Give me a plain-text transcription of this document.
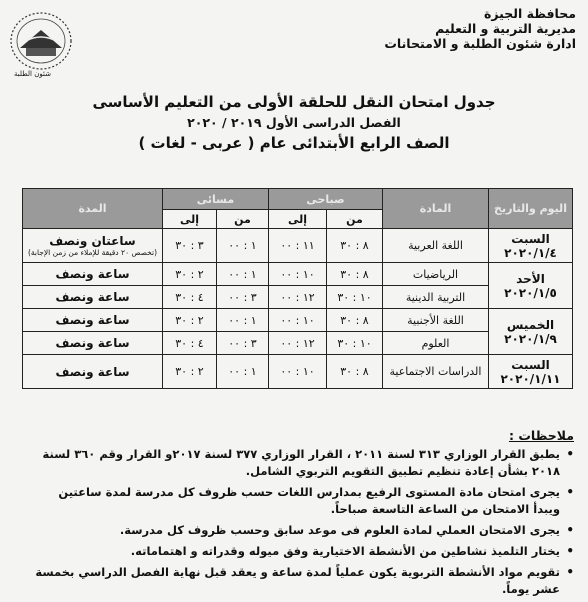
محافظة الجيزة
مديرية التربية و التعليم
ادارة شئون الطلبة و الامتحانات
شئون الطلبة
جدول امتحان النقل للحلقة الأولى من التعليم الأساسى
الفصل الدراسى الأول ٢٠١٩ / ٢٠٢٠
الصف الرابع الأبتدائى عام ( عربى - لغات )
اليوم والتاريخ	المادة	صباحى		مسائى		المدة
		من	إلى	من	إلى	

السبت
٢٠٢٠/١/٤	اللغة العربية	٨ : ٣٠	١١ : ٠٠	١ : ٠٠	٣ : ٣٠	ساعتان ونصف
(تخصص ٢٠ دقيقة للإملاء من زمن الإجابة)

الأحد
٢٠٢٠/١/٥	الرياضيات	٨ : ٣٠	١٠ : ٠٠	١ : ٠٠	٢ : ٣٠	ساعة ونصف
	التربية الدينية	١٠ : ٣٠	١٢ : ٠٠	٣ : ٠٠	٤ : ٣٠	ساعة ونصف

الخميس
٢٠٢٠/١/٩	اللغة الأجنبية	٨ : ٣٠	١٠ : ٠٠	١ : ٠٠	٢ : ٣٠	ساعة ونصف
	العلوم	١٠ : ٣٠	١٢ : ٠٠	٣ : ٠٠	٤ : ٣٠	ساعة ونصف

السبت
٢٠٢٠/١/١١	الدراسات الاجتماعية	٨ : ٣٠	١٠ : ٠٠	١ : ٠٠	٢ : ٣٠	ساعة ونصف
ملاحظات :
• يطبق القرار الوزاري ٣١٣ لسنة ٢٠١١ ، القرار الوزاري ٣٧٧ لسنة ٢٠١٧و القرار وقم ٣٦٠ لسنة ٢٠١٨ بشأن إعادة تنظيم تطبيق التقويم التربوي الشامل.
• يجرى امتحان مادة المستوى الرفيع بمدارس اللغات حسب ظروف كل مدرسة لمدة ساعتين ويبدأ الامتحان من الساعة التاسعة صباحاً.
• يجرى الامتحان العملي لمادة العلوم فى موعد سابق وحسب ظروف كل مدرسة.
• يختار التلميذ نشاطين من الأنشطة الاختيارية وفق ميوله وقدراته و اهتماماته.
• تقويم مواد الأنشطة التربوية يكون عملياً لمدة ساعة و يعقد قبل نهاية الفصل الدراسي بخمسة عشر يوماً.
